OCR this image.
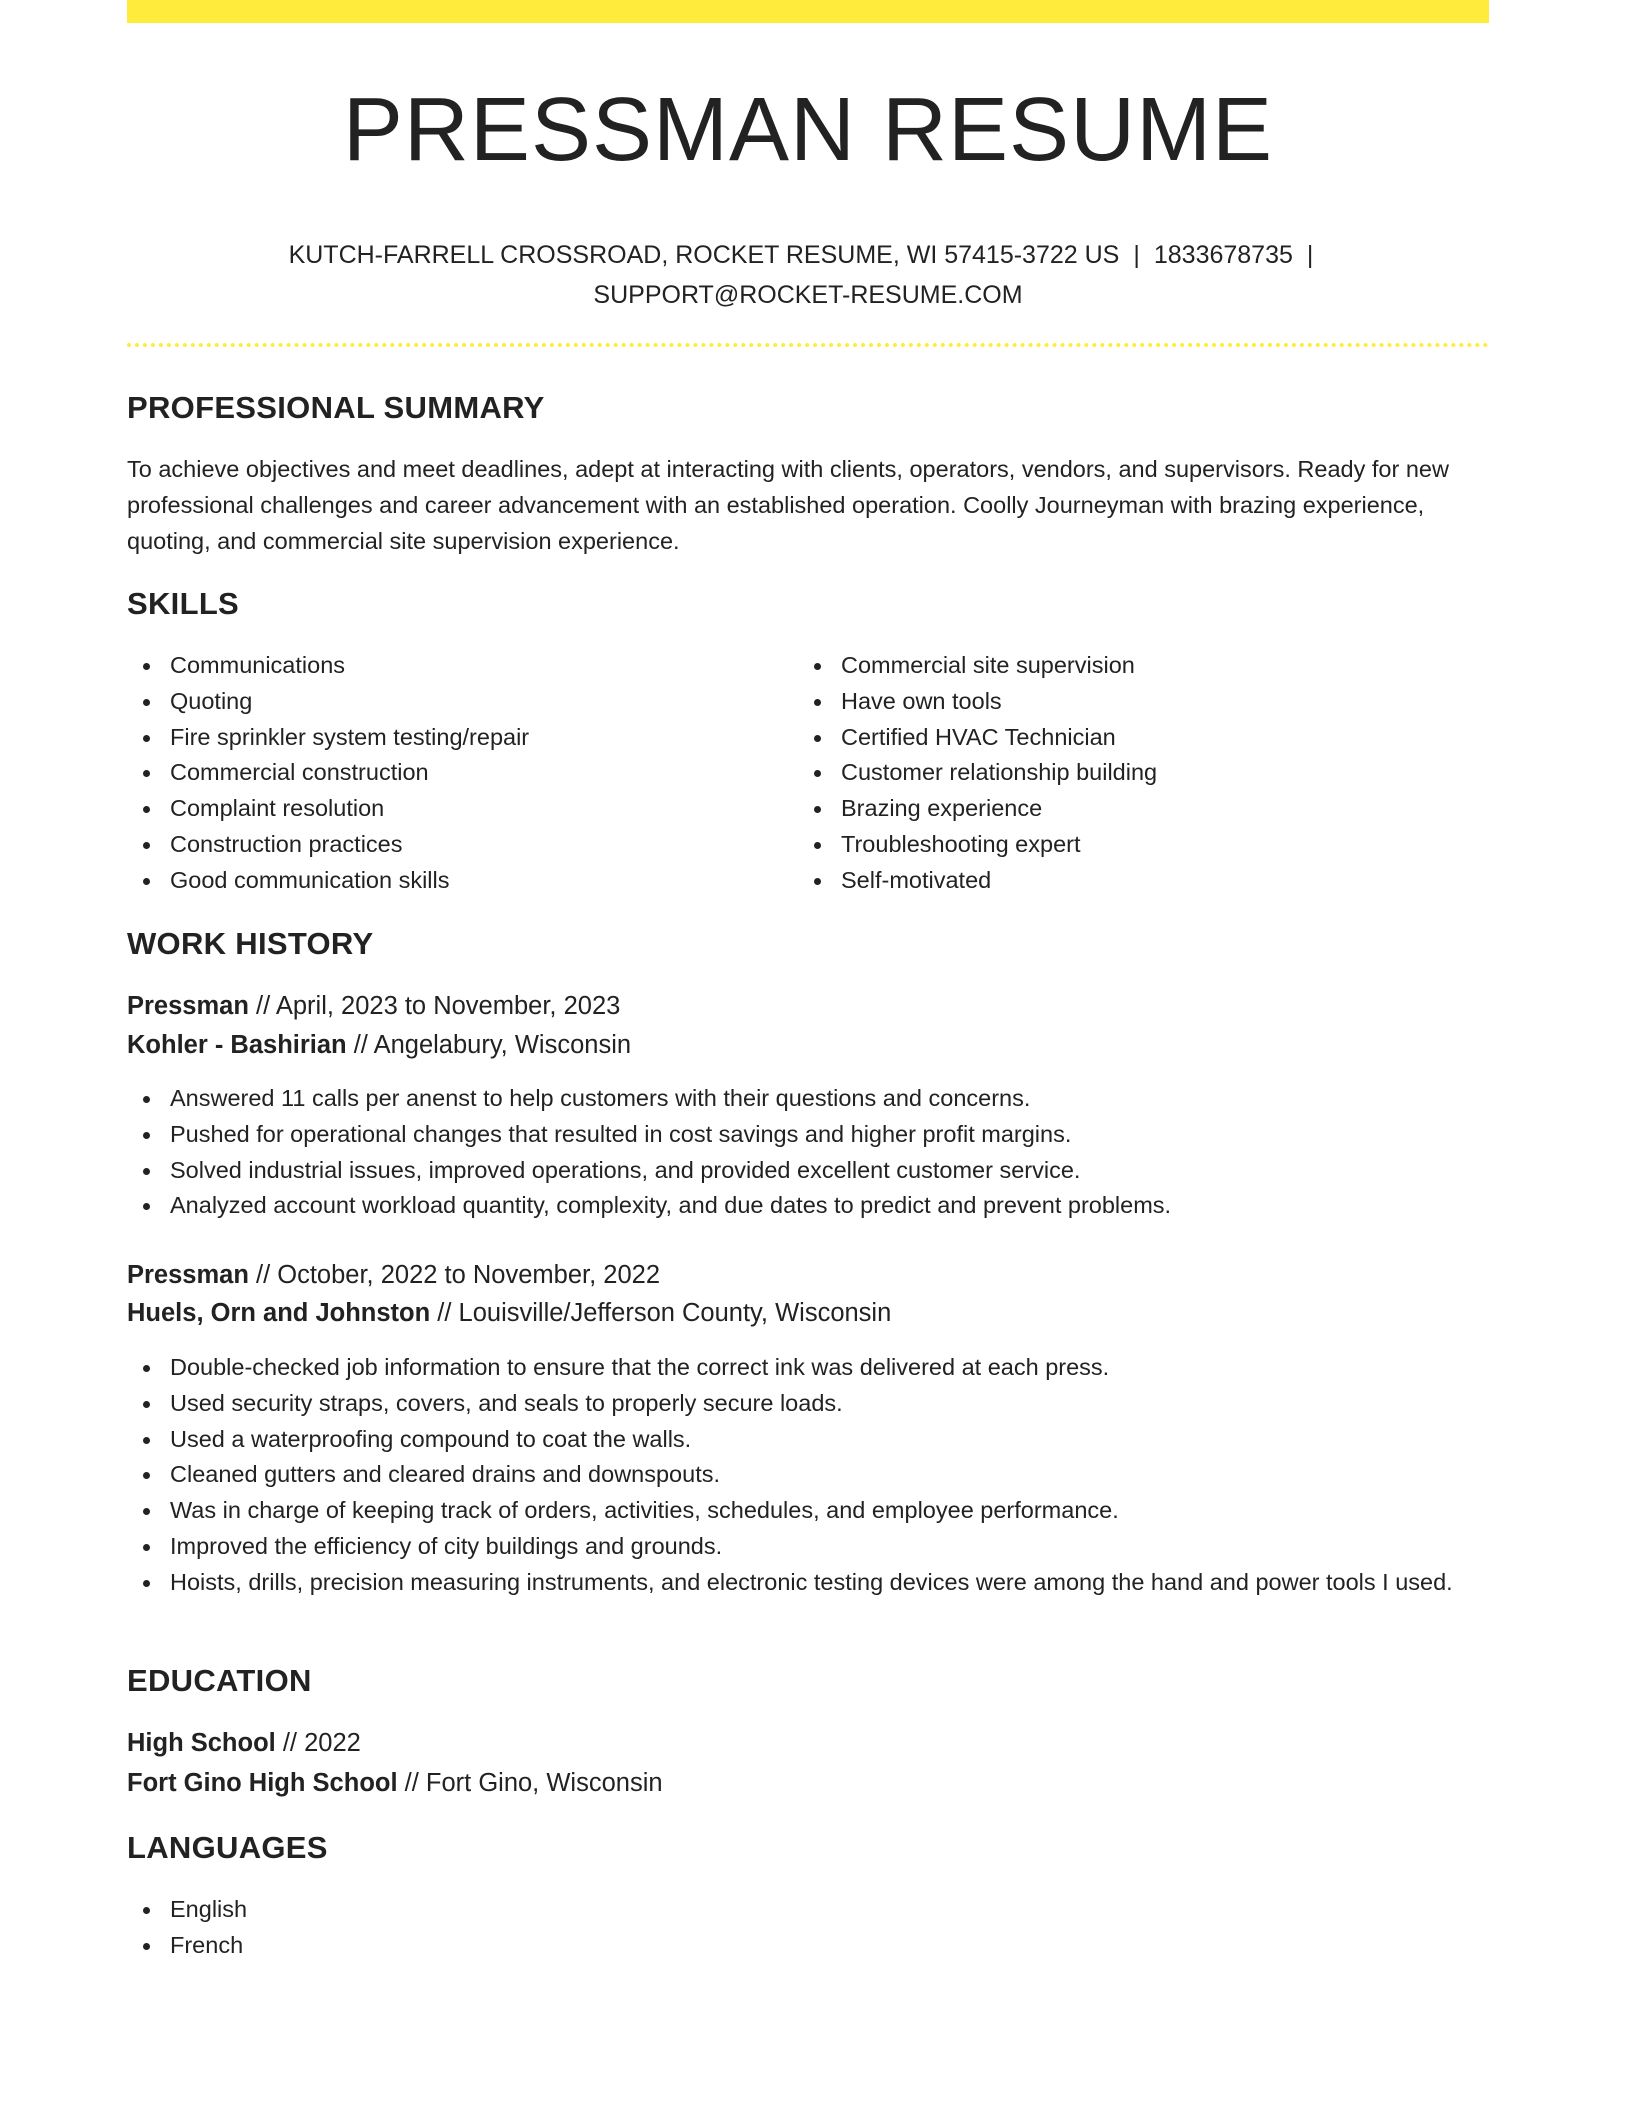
PRESSMAN RESUME
KUTCH-FARRELL CROSSROAD, ROCKET RESUME, WI 57415-3722 US | 1833678735 |
SUPPORT@ROCKET-RESUME.COM
PROFESSIONAL SUMMARY

To achieve objectives and meet deadlines, adept at interacting with clients, operators, vendors, and supervisors. Ready for new professional challenges and career advancement with an established operation. Coolly Journeyman with brazing experience, quoting, and commercial site supervision experience.

SKILLS
Communications
Quoting
Fire sprinkler system testing/repair
Commercial construction
Complaint resolution
Construction practices
Good communication skills
Commercial site supervision
Have own tools
Certified HVAC Technician
Customer relationship building
Brazing experience
Troubleshooting expert
Self-motivated
WORK HISTORY
Pressman // April, 2023 to November, 2023
Kohler - Bashirian // Angelabury, Wisconsin
Answered 11 calls per anenst to help customers with their questions and concerns.
Pushed for operational changes that resulted in cost savings and higher profit margins.
Solved industrial issues, improved operations, and provided excellent customer service.
Analyzed account workload quantity, complexity, and due dates to predict and prevent problems.
Pressman // October, 2022 to November, 2022
Huels, Orn and Johnston // Louisville/Jefferson County, Wisconsin
Double-checked job information to ensure that the correct ink was delivered at each press.
Used security straps, covers, and seals to properly secure loads.
Used a waterproofing compound to coat the walls.
Cleaned gutters and cleared drains and downspouts.
Was in charge of keeping track of orders, activities, schedules, and employee performance.
Improved the efficiency of city buildings and grounds.
Hoists, drills, precision measuring instruments, and electronic testing devices were among the hand and power tools I used.
EDUCATION
High School // 2022
Fort Gino High School // Fort Gino, Wisconsin
LANGUAGES
English
French
